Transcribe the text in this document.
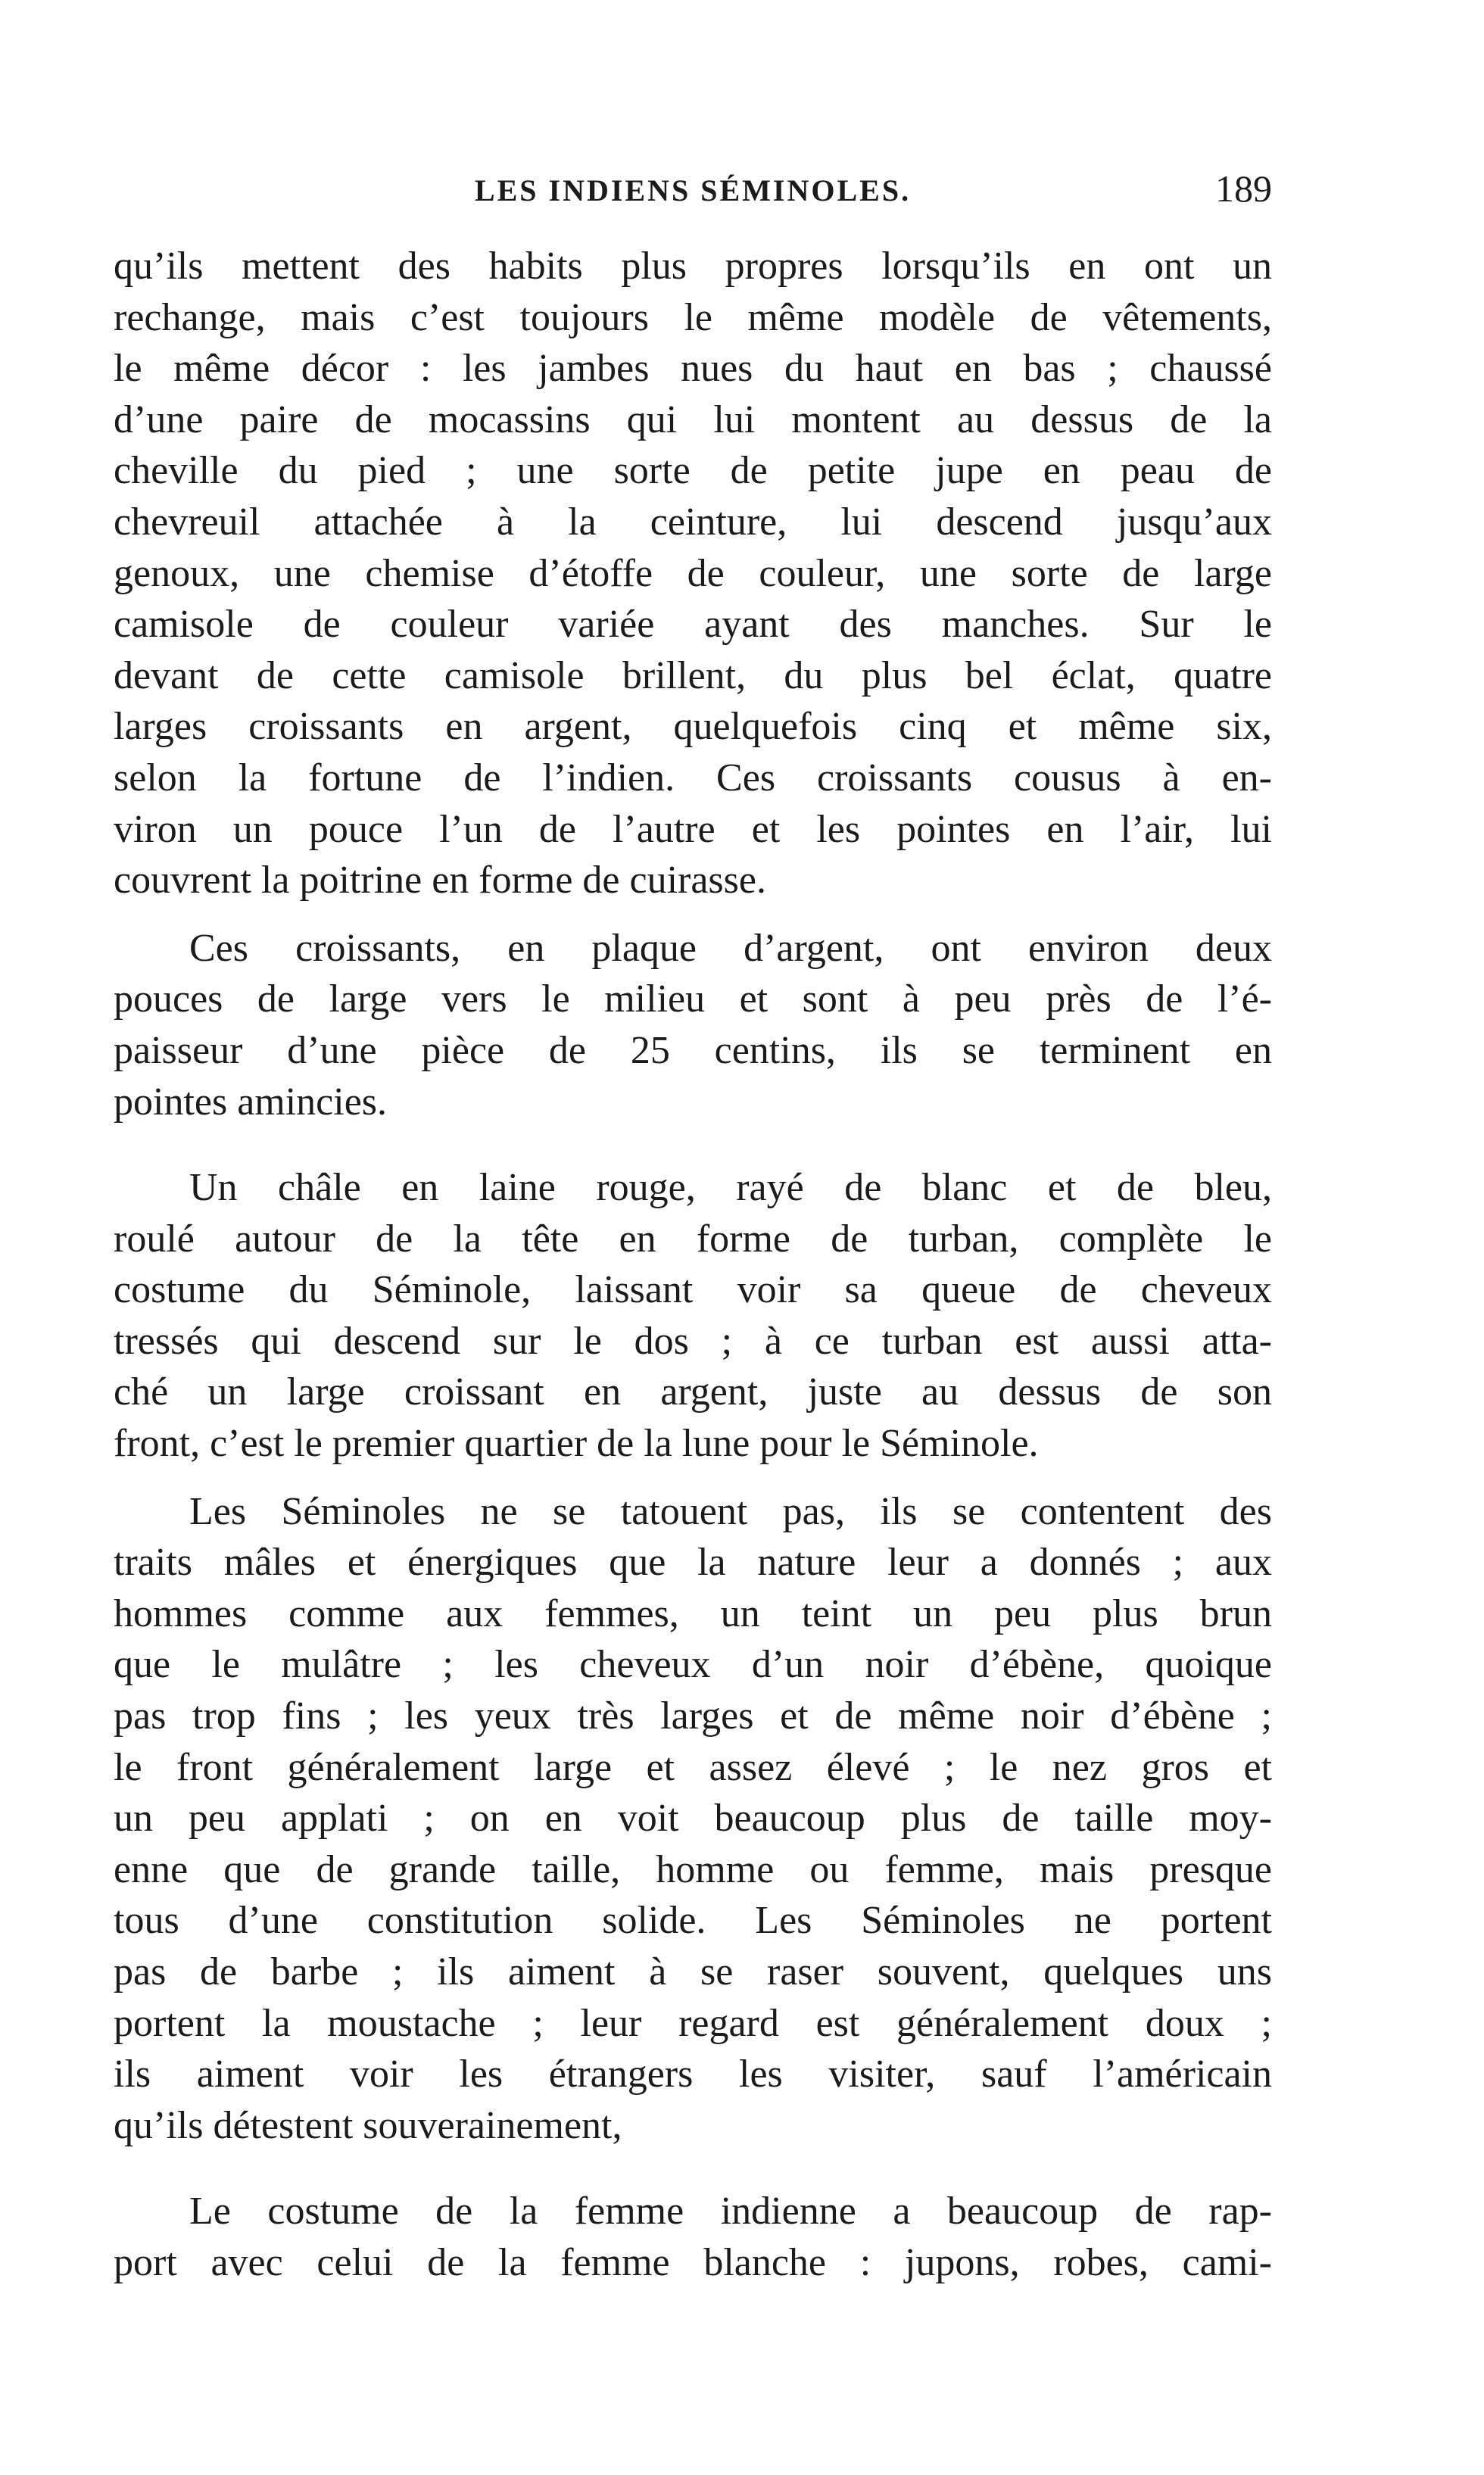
LES INDIENS SÉMINOLES.	189
qu’ils mettent des habits plus propres lorsqu’ils en ont un
rechange, mais c’est toujours le même modèle de vêtements,
le même décor : les jambes nues du haut en bas ; chaussé
d’une paire de mocassins qui lui montent au dessus de la
cheville du pied ; une sorte de petite jupe en peau de
chevreuil attachée à la ceinture, lui descend jusqu’aux
genoux, une chemise d’étoffe de couleur, une sorte de large
camisole de couleur variée ayant des manches. Sur le
devant de cette camisole brillent, du plus bel éclat, quatre
larges croissants en argent, quelquefois cinq et même six,
selon la fortune de l’indien. Ces croissants cousus à en-
viron un pouce l’un de l’autre et les pointes en l’air, lui
couvrent la poitrine en forme de cuirasse.
Ces croissants, en plaque d’argent, ont environ deux
pouces de large vers le milieu et sont à peu près de l’é-
paisseur d’une pièce de 25 centins, ils se terminent en
pointes amincies.
Un châle en laine rouge, rayé de blanc et de bleu,
roulé autour de la tête en forme de turban, complète le
costume du Séminole, laissant voir sa queue de cheveux
tressés qui descend sur le dos ; à ce turban est aussi atta-
ché un large croissant en argent, juste au dessus de son
front, c’est le premier quartier de la lune pour le Séminole.
Les Séminoles ne se tatouent pas, ils se contentent des
traits mâles et énergiques que la nature leur a donnés ; aux
hommes comme aux femmes, un teint un peu plus brun
que le mulâtre ; les cheveux d’un noir d’ébène, quoique
pas trop fins ; les yeux très larges et de même noir d’ébène ;
le front généralement large et assez élevé ; le nez gros et
un peu applati ; on en voit beaucoup plus de taille moy-
enne que de grande taille, homme ou femme, mais presque
tous d’une constitution solide. Les Séminoles ne portent
pas de barbe ; ils aiment à se raser souvent, quelques uns
portent la moustache ; leur regard est généralement doux ;
ils aiment voir les étrangers les visiter, sauf l’américain
qu’ils détestent souverainement,
Le costume de la femme indienne a beaucoup de rap-
port avec celui de la femme blanche : jupons, robes, cami-
